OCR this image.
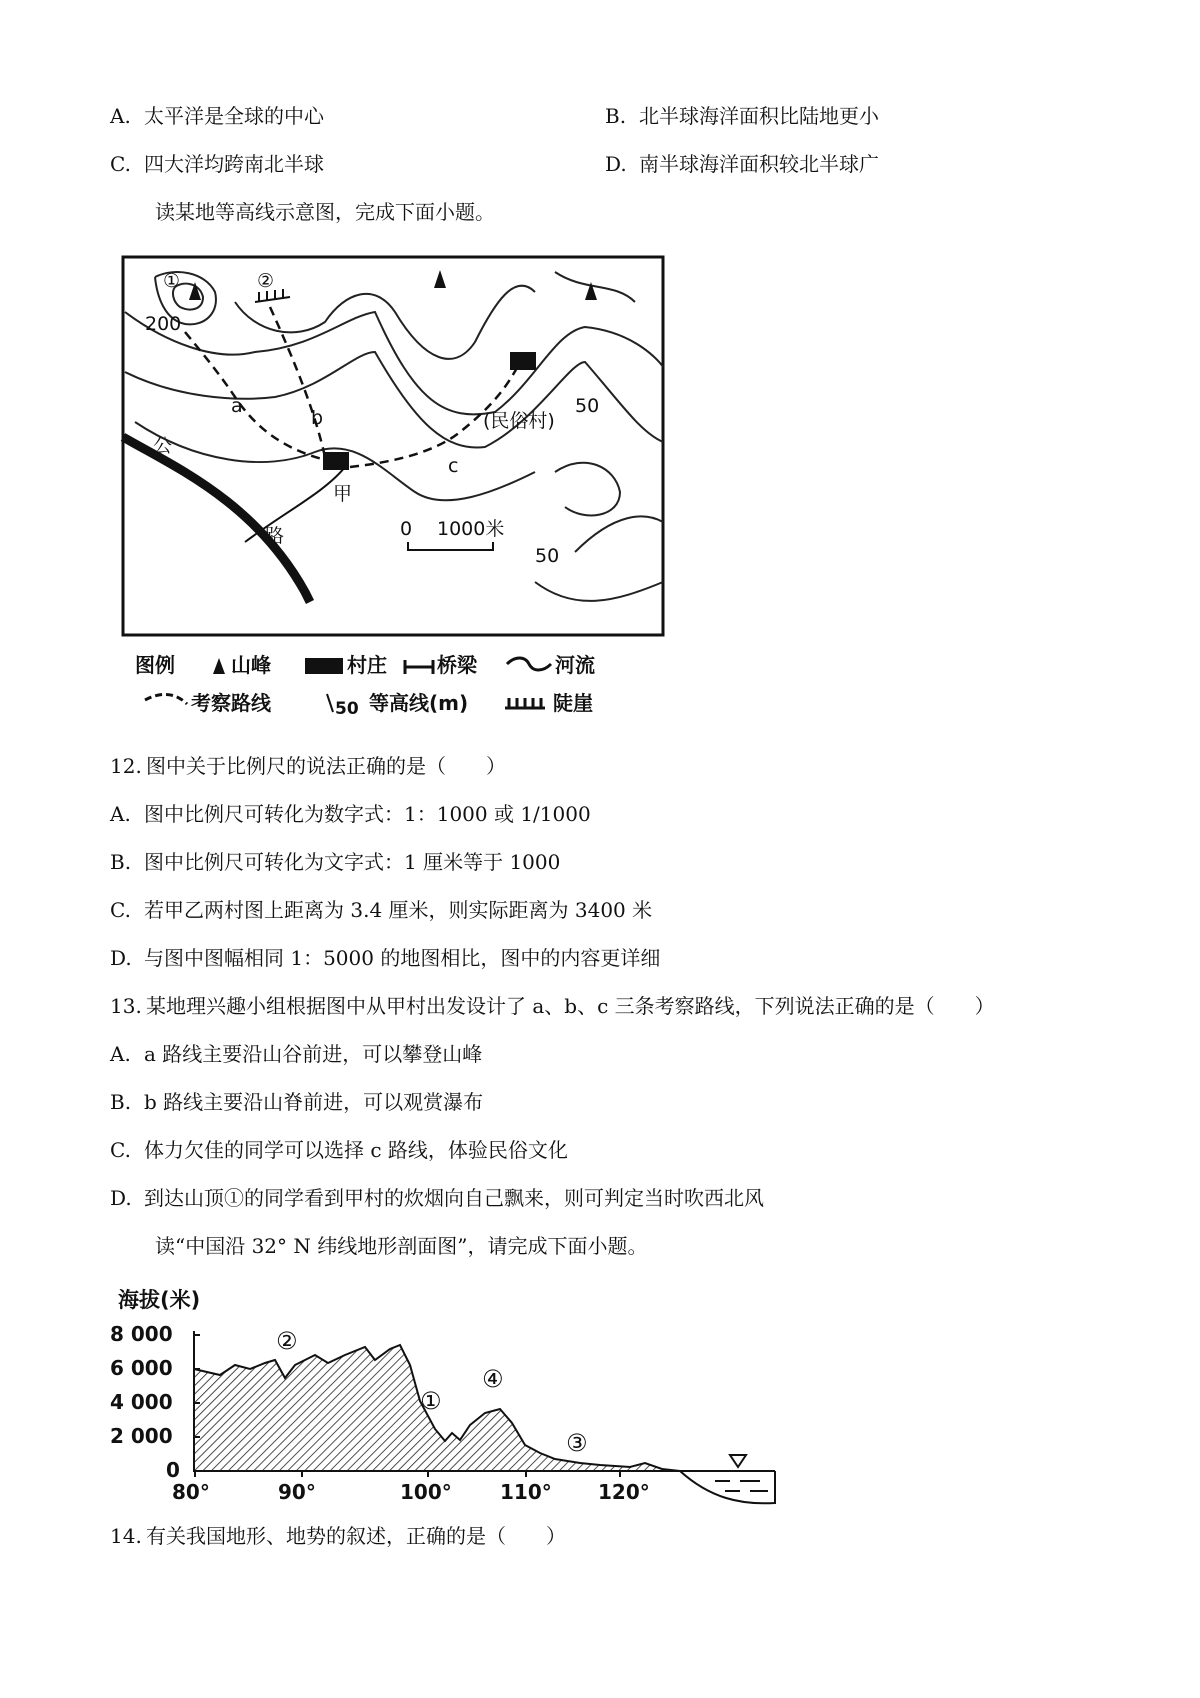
A. 太平洋是全球的中心	B. 北半球海洋面积比陆地更小
C. 四大洋均跨南北半球	D. 南半球海洋面积较北半球广
读某地等高线示意图，完成下面小题。
①	②
200
a
b
c
甲
(民俗村)
50
50
公
路	0 1000米
图例	山峰	村庄	桥梁	河流
考察路线	50 等高线(m)	陡崖
12. 图中关于比例尺的说法正确的是（　　）
A. 图中比例尺可转化为数字式：1：1000 或 1/1000
B. 图中比例尺可转化为文字式：1 厘米等于 1000
C. 若甲乙两村图上距离为 3.4 厘米，则实际距离为 3400 米
D. 与图中图幅相同 1：5000 的地图相比，图中的内容更详细
13. 某地理兴趣小组根据图中从甲村出发设计了 a、b、c 三条考察路线，下列说法正确的是（　　）
A. a 路线主要沿山谷前进，可以攀登山峰
B. b 路线主要沿山脊前进，可以观赏瀑布
C. 体力欠佳的同学可以选择 c 路线，体验民俗文化
D. 到达山顶①的同学看到甲村的炊烟向自己飘来，则可判定当时吹西北风
读“中国沿 32° N 纬线地形剖面图”，请完成下面小题。
海拔(米)
8 000
6 000
4 000
2 000
0
80°	90°	100° 110° 120°
②
①
④
③
14. 有关我国地形、地势的叙述，正确的是（　　）
